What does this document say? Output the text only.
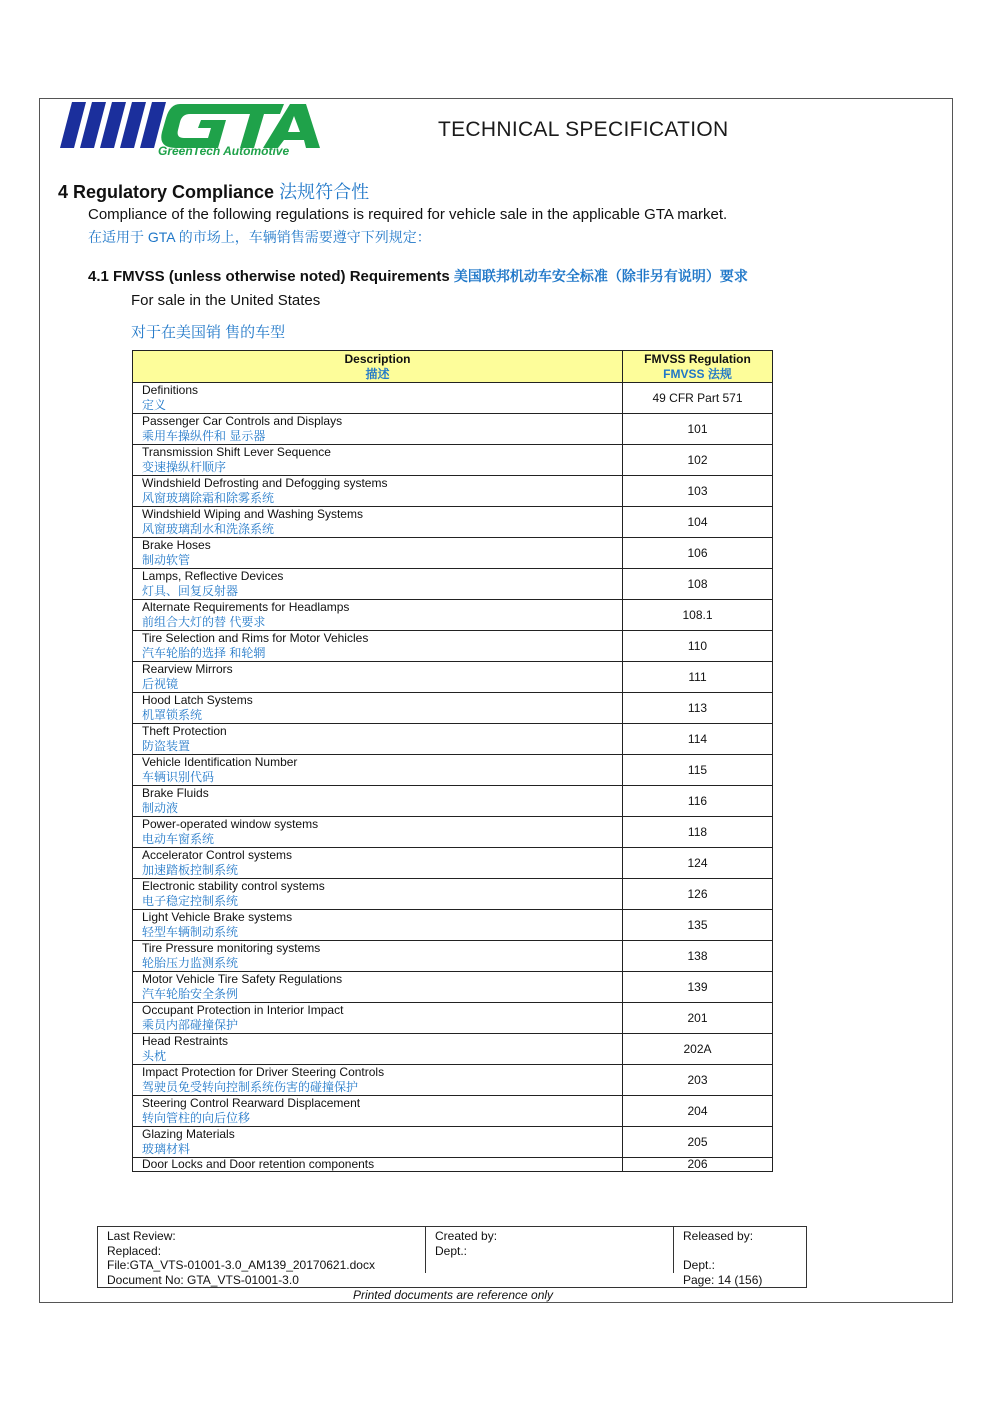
GreenTech Automotive
TECHNICAL SPECIFICATION
4 Regulatory Compliance 法规符合性
Compliance of the following regulations is required for vehicle sale in the applicable GTA market.
在适用于 GTA 的市场上，车辆销售需要遵守下列规定：
4.1 FMVSS (unless otherwise noted) Requirements 美国联邦机动车安全标准（除非另有说明）要求
For sale in the United States
对于在美国销 售的车型
Description
描述	FMVSS Regulation
FMVSS 法规

Definitions
定义	49 CFR Part 571

Passenger Car Controls and Displays
乘用车操纵件和 显示器	101

Transmission Shift Lever Sequence
变速操纵杆顺序	102

Windshield Defrosting and Defogging systems
风窗玻璃除霜和除雾系统	103

Windshield Wiping and Washing Systems
风窗玻璃刮水和洗涤系统	104

Brake Hoses
制动软管	106

Lamps, Reflective Devices
灯具、回复反射器	108

Alternate Requirements for Headlamps
前组合大灯的替 代要求	108.1

Tire Selection and Rims for Motor Vehicles
汽车轮胎的选择 和轮辋	110

Rearview Mirrors
后视镜	111

Hood Latch Systems
机罩锁系统	113

Theft Protection
防盗装置	114

Vehicle Identification Number
车辆识别代码	115

Brake Fluids
制动液	116

Power-operated window systems
电动车窗系统	118

Accelerator Control systems
加速踏板控制系统	124

Electronic stability control systems
电子稳定控制系统	126

Light Vehicle Brake systems
轻型车辆制动系统	135

Tire Pressure monitoring systems
轮胎压力监测系统	138

Motor Vehicle Tire Safety Regulations
汽车轮胎安全条例	139

Occupant Protection in Interior Impact
乘员内部碰撞保护	201

Head Restraints
头枕	202A

Impact Protection for Driver Steering Controls
驾驶员免受转向控制系统伤害的碰撞保护	203

Steering Control Rearward Displacement
转向管柱的向后位移	204

Glazing Materials
玻璃材料	205

Door Locks and Door retention components	206
Last Review:
Replaced:
File:GTA_VTS-01001-3.0_AM139_20170621.docx
Document No: GTA_VTS-01001-3.0
Created by:
Dept.:
Released by:

Dept.:
Page: 14 (156)
Printed documents are reference only
